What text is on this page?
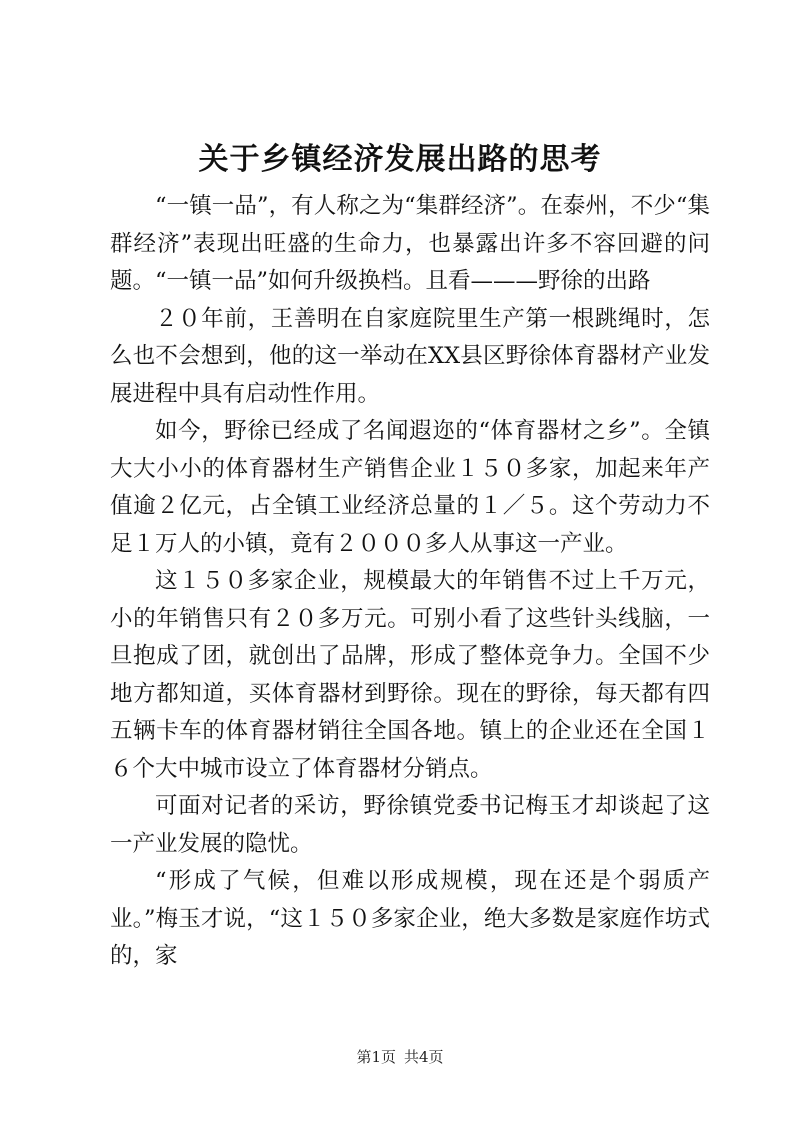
关于乡镇经济发展出路的思考

“一镇一品”，有人称之为“集群经济”。在泰州，不少“集群经济”表现出旺盛的生命力，也暴露出许多不容回避的问题。“一镇一品”如何升级换档。且看———野徐的出路

２０年前，王善明在自家庭院里生产第一根跳绳时，怎么也不会想到，他的这一举动在XX县区野徐体育器材产业发展进程中具有启动性作用。

如今，野徐已经成了名闻遐迩的“体育器材之乡”。全镇大大小小的体育器材生产销售企业１５０多家，加起来年产值逾２亿元，占全镇工业经济总量的１／５。这个劳动力不足１万人的小镇，竟有２０００多人从事这一产业。

这１５０多家企业，规模最大的年销售不过上千万元，小的年销售只有２０多万元。可别小看了这些针头线脑，一旦抱成了团，就创出了品牌，形成了整体竞争力。全国不少地方都知道，买体育器材到野徐。现在的野徐，每天都有四五辆卡车的体育器材销往全国各地。镇上的企业还在全国１６个大中城市设立了体育器材分销点。

可面对记者的采访，野徐镇党委书记梅玉才却谈起了这一产业发展的隐忧。

“形成了气候，但难以形成规模，现在还是个弱质产业。”梅玉才说，“这１５０多家企业，绝大多数是家庭作坊式的，家

第1页 共4页
